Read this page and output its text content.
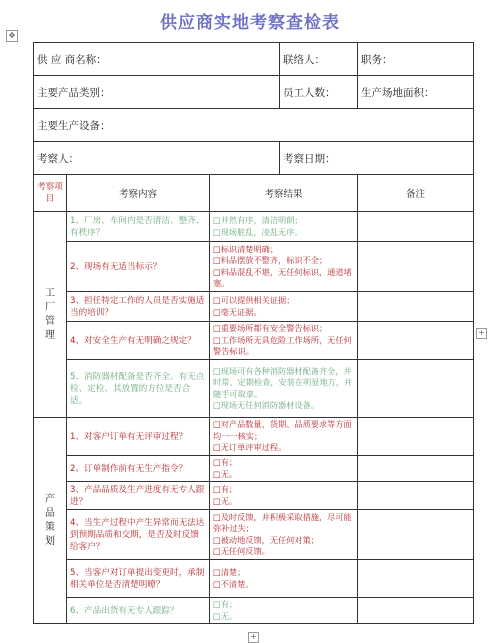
供应商实地考察查检表
✥
供 应 商名称：			联络人：	职务：
主要产品类别：			员工人数：	生产场地面积：
主要生产设备：				
考察人：			考察日期：	
考察项目	考察内容	考察结果		备注
工厂管理	1、厂房、车间内是否清洁、整齐、有秩序？	□井然有序，清洁明朗；
□现场脏乱，凌乱无序。		
	2、现场有无适当标示？	□标识清楚明确；
□料品摆放不整齐，标识不全；
□料品混乱不堪，无任何标识，通道堵塞。		
	3、担任特定工作的人员是否实施适当的培训？	□可以提供相关证据；
□毫无证据。		
	4、对安全生产有无明确之规定？	□重要场所都有安全警告标识；
□工作场所无具危险工作场所，无任何警告标识。		
	5、消防器材配备是否齐全、有无点检、定检、其放置的方位是否合适。	□现场可有各种消防器材配备齐全，并时常、定期检查，安装在明显地方，并随手可取拿。
□现场无任何消防器材设备。		
产品策划	1、对客户订单有无评审过程？	□对产品数量、货期、品质要求等方面均一一核实；
□无订单评审过程。		
	2、订单制作前有无生产指令？	□有；
□无。		
	3、产品品质及生产进度有无专人跟进？	□有；
□无。		
	4、当生产过程中产生异常而无法达到预期品质和交期，是否及时反馈给客户？	□及时反馈，并积极采取措施，尽可能弥补过失；
□被动地反馈，无任何对策；
□无任何反馈。		
	5、当客户对订单提出变更时，承制相关单位是否清楚明暸？	□清楚；
□不清楚。		
	6、产品出货有无专人跟踪？	□有；
□无。		
+
+
